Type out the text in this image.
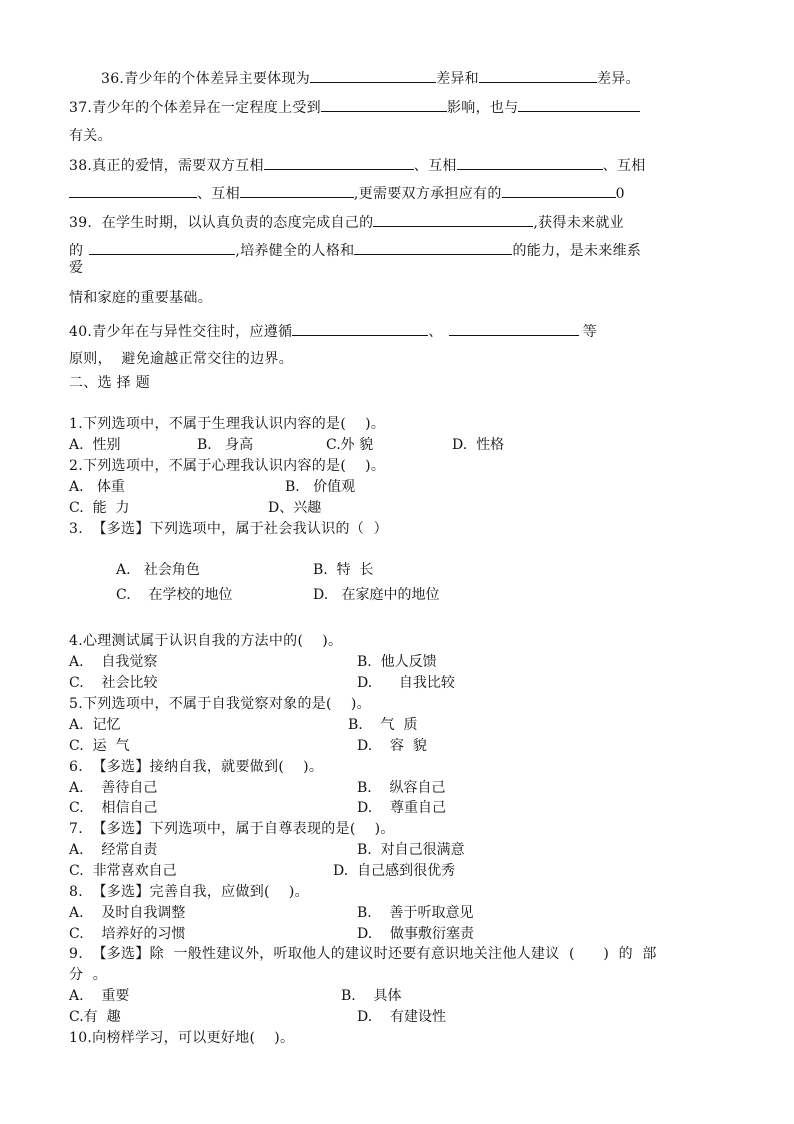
36.青少年的个体差异主要体现为	差异和	差异。
37.青少年的个体差异在一定程度上受到	影响，也与
有关。
38.真正的爱情，需要双方互相	、互相	、互相
、互相	,更需要双方承担应有的	0
39.  在学生时期，以认真负责的态度完成自己的	,获得未来就业
的	,培养健全的人格和	的能力，是未来维系
爱
情和家庭的重要基础。
40.青少年在与异性交往时，应遵循	、	等
原则，  避免逾越正常交往的边界。
二、选 择 题
1.下列选项中，不属于生理我认识内容的是(    )。
A.  性别	B.   身高	C.外 貌	D.  性格
2.下列选项中，不属于心理我认识内容的是(    )。
A.   体重	B.   价值观
C.  能  力	D、兴趣
3.  【多选】下列选项中，属于社会我认识的（  ）
A.   社会角色	B.  特  长
C.    在学校的地位	D.   在家庭中的地位
4.心理测试属于认识自我的方法中的(    )。
A.    自我觉察	B.  他人反馈
C.    社会比较	D.      自我比较
5.下列选项中，不属于自我觉察对象的是(    )。
A.  记忆	B.    气  质
C.  运  气	D.    容  貌
6.  【多选】接纳自我，就要做到(    )。
A.    善待自己	B.    纵容自己
C.    相信自己	D.    尊重自己
7.  【多选】下列选项中，属于自尊表现的是(    )。
A.    经常自责	B.  对自己很满意
C.  非常喜欢自己	D.  自己感到很优秀
8.  【多选】完善自我，应做到(    )。
A.    及时自我调整	B.    善于听取意见
C.    培养好的习惯	D.    做事敷衍塞责
9.  【多选】除  一般性建议外，听取他人的建议时还要有意识地关注他人建议  (      )  的  部
分  。
A.    重要	B.    具体
C.有  趣	D.    有建设性
10.向榜样学习，可以更好地(    )。
